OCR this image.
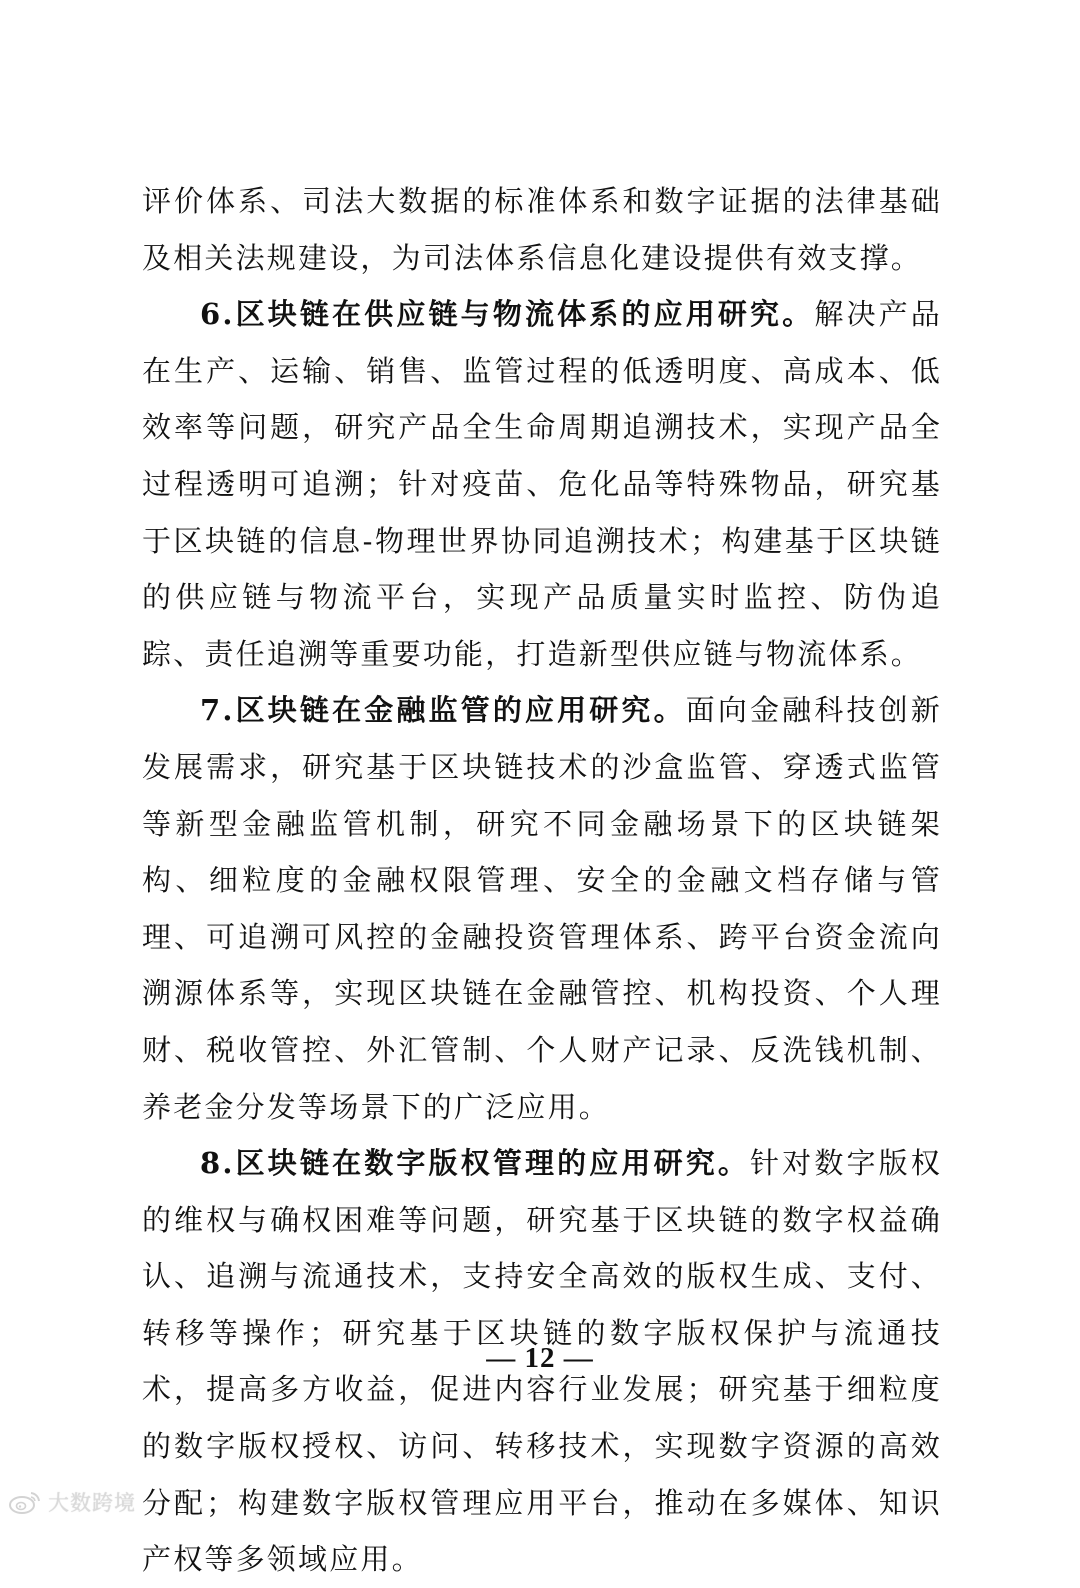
评价体系、司法大数据的标准体系和数字证据的法律基础及相关法规建设，为司法体系信息化建设提供有效支撑。

6.区块链在供应链与物流体系的应用研究。解决产品在生产、运输、销售、监管过程的低透明度、高成本、低效率等问题，研究产品全生命周期追溯技术，实现产品全过程透明可追溯；针对疫苗、危化品等特殊物品，研究基于区块链的信息-物理世界协同追溯技术；构建基于区块链的供应链与物流平台，实现产品质量实时监控、防伪追踪、责任追溯等重要功能，打造新型供应链与物流体系。

7.区块链在金融监管的应用研究。面向金融科技创新发展需求，研究基于区块链技术的沙盒监管、穿透式监管等新型金融监管机制，研究不同金融场景下的区块链架构、细粒度的金融权限管理、安全的金融文档存储与管理、可追溯可风控的金融投资管理体系、跨平台资金流向溯源体系等，实现区块链在金融管控、机构投资、个人理财、税收管控、外汇管制、个人财产记录、反洗钱机制、养老金分发等场景下的广泛应用。

8.区块链在数字版权管理的应用研究。针对数字版权的维权与确权困难等问题，研究基于区块链的数字权益确认、追溯与流通技术，支持安全高效的版权生成、支付、转移等操作；研究基于区块链的数字版权保护与流通技术，提高多方收益，促进内容行业发展；研究基于细粒度的数字版权授权、访问、转移技术，实现数字资源的高效分配；构建数字版权管理应用平台，推动在多媒体、知识产权等多领域应用。

— 12 —
大数跨境
